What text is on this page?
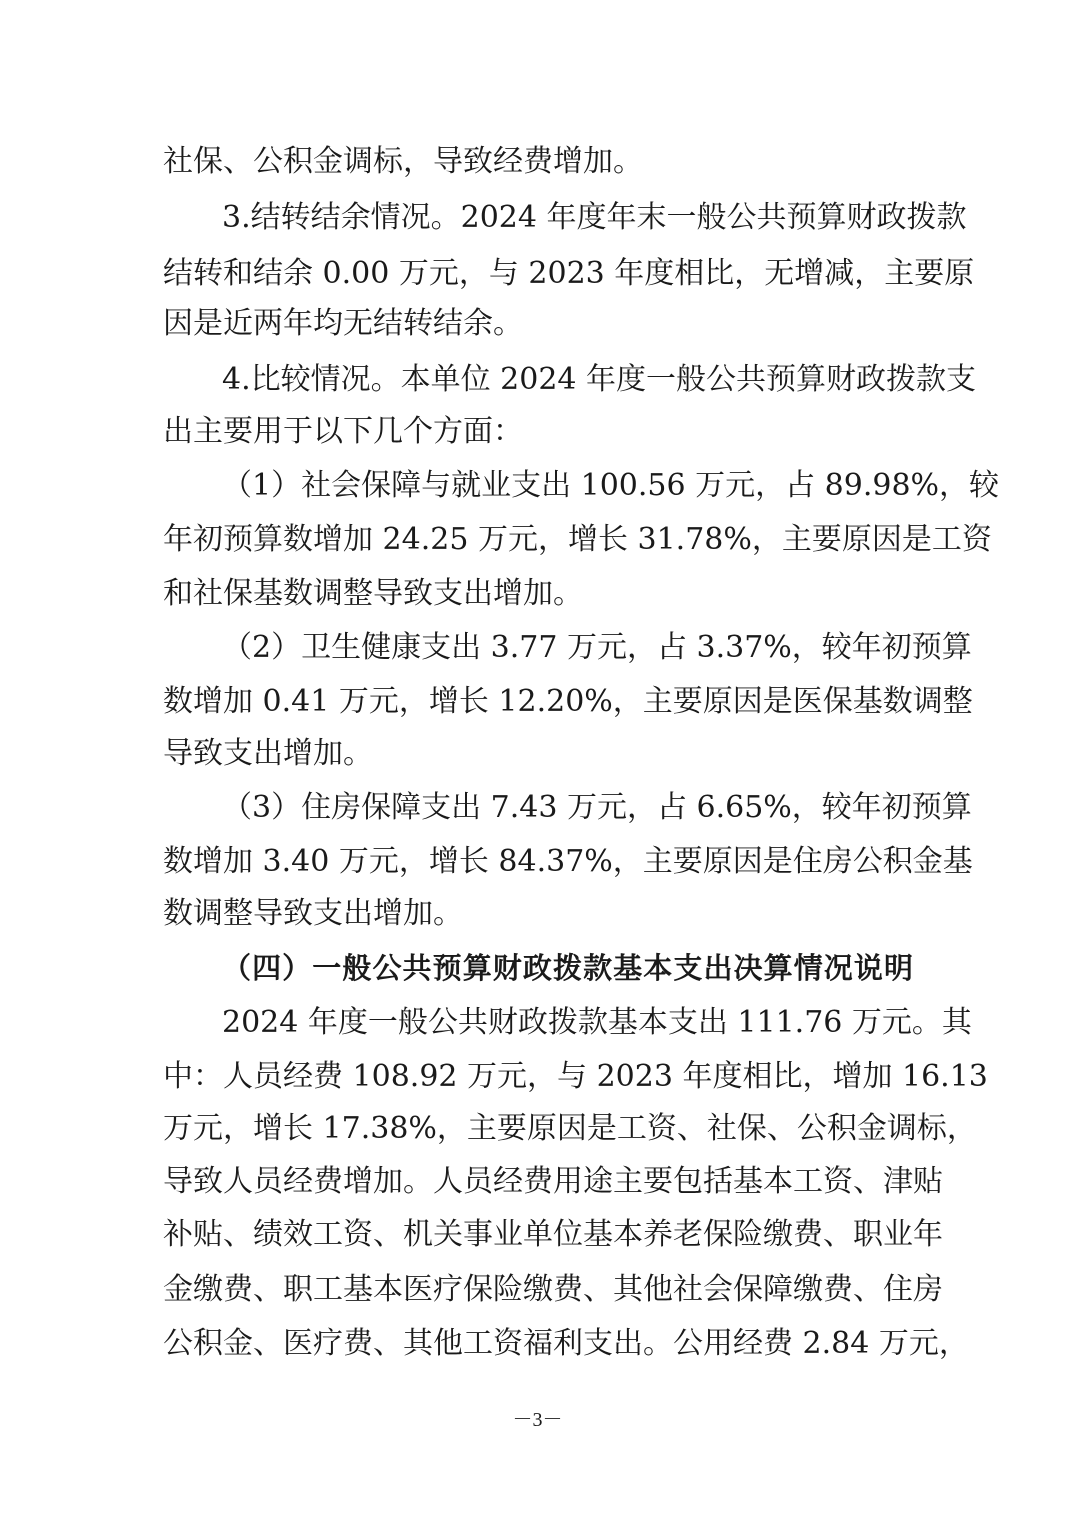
社保、公积金调标，导致经费增加。
3.结转结余情况。2024 年度年末一般公共预算财政拨款
结转和结余 0.00 万元，与 2023 年度相比，无增减，主要原
因是近两年均无结转结余。
4.比较情况。本单位 2024 年度一般公共预算财政拨款支
出主要用于以下几个方面：
（1）社会保障与就业支出 100.56 万元，占 89.98%，较
年初预算数增加 24.25 万元，增长 31.78%，主要原因是工资
和社保基数调整导致支出增加。
（2）卫生健康支出 3.77 万元，占 3.37%，较年初预算
数增加 0.41 万元，增长 12.20%，主要原因是医保基数调整
导致支出增加。
（3）住房保障支出 7.43 万元，占 6.65%，较年初预算
数增加 3.40 万元，增长 84.37%，主要原因是住房公积金基
数调整导致支出增加。
（四）一般公共预算财政拨款基本支出决算情况说明
2024 年度一般公共财政拨款基本支出 111.76 万元。其
中：人员经费 108.92 万元，与 2023 年度相比，增加 16.13
万元，增长 17.38%，主要原因是工资、社保、公积金调标，
导致人员经费增加。人员经费用途主要包括基本工资、津贴
补贴、绩效工资、机关事业单位基本养老保险缴费、职业年
金缴费、职工基本医疗保险缴费、其他社会保障缴费、住房
公积金、医疗费、其他工资福利支出。公用经费 2.84 万元，
－3－
